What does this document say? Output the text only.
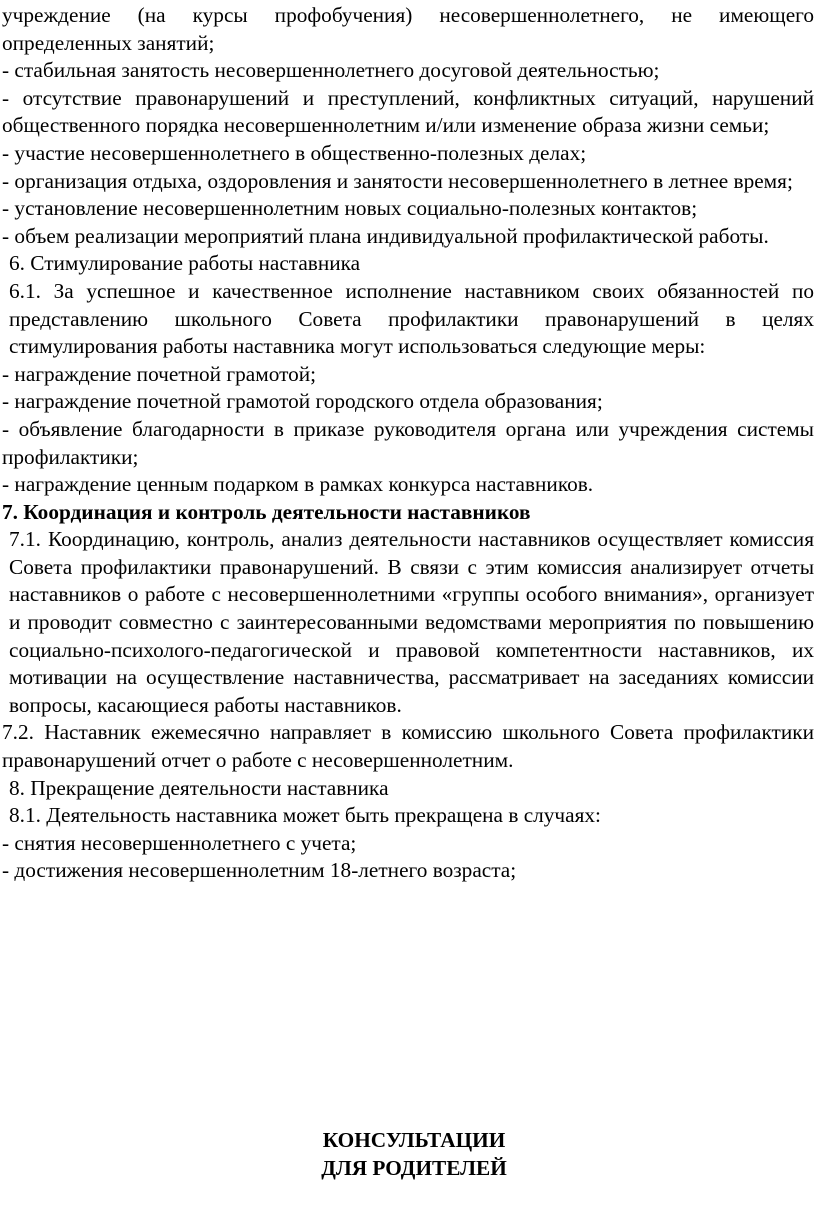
учреждение (на курсы профобучения) несовершеннолетнего, не имеющего определенных занятий;

- стабильная занятость несовершеннолетнего досуговой деятельностью;

- отсутствие правонарушений и преступлений, конфликтных ситуаций, нарушений общественного порядка несовершеннолетним и/или изменение образа жизни семьи;

- участие несовершеннолетнего в общественно-полезных делах;

- организация отдыха, оздоровления и занятости несовершеннолетнего в летнее время;

- установление несовершеннолетним новых социально-полезных контактов;

- объем реализации мероприятий плана индивидуальной профилактической работы.

6. Стимулирование работы наставника

6.1. За успешное и качественное исполнение наставником своих обязанностей по представлению школьного Совета профилактики правонарушений в целях стимулирования работы наставника могут использоваться следующие меры:

- награждение почетной грамотой;

- награждение почетной грамотой городского отдела образования;

- объявление благодарности в приказе руководителя органа или учреждения системы профилактики;

- награждение ценным подарком в рамках конкурса наставников.

7. Координация и контроль деятельности наставников

7.1. Координацию, контроль, анализ деятельности наставников осуществляет комиссия Совета профилактики правонарушений. В связи с этим комиссия анализирует отчеты наставников о работе с несовершеннолетними «группы особого внимания», организует и проводит совместно с заинтересованными ведомствами мероприятия по повышению социально-психолого-педагогической и правовой компетентности наставников, их мотивации на осуществление наставничества, рассматривает на заседаниях комиссии вопросы, касающиеся работы наставников.

7.2. Наставник ежемесячно направляет в комиссию школьного Совета профилактики правонарушений отчет о работе с несовершеннолетним.

8. Прекращение деятельности наставника

8.1. Деятельность наставника может быть прекращена в случаях:

- снятия несовершеннолетнего с учета;

- достижения несовершеннолетним 18-летнего возраста;

КОНСУЛЬТАЦИИ
ДЛЯ РОДИТЕЛЕЙ
